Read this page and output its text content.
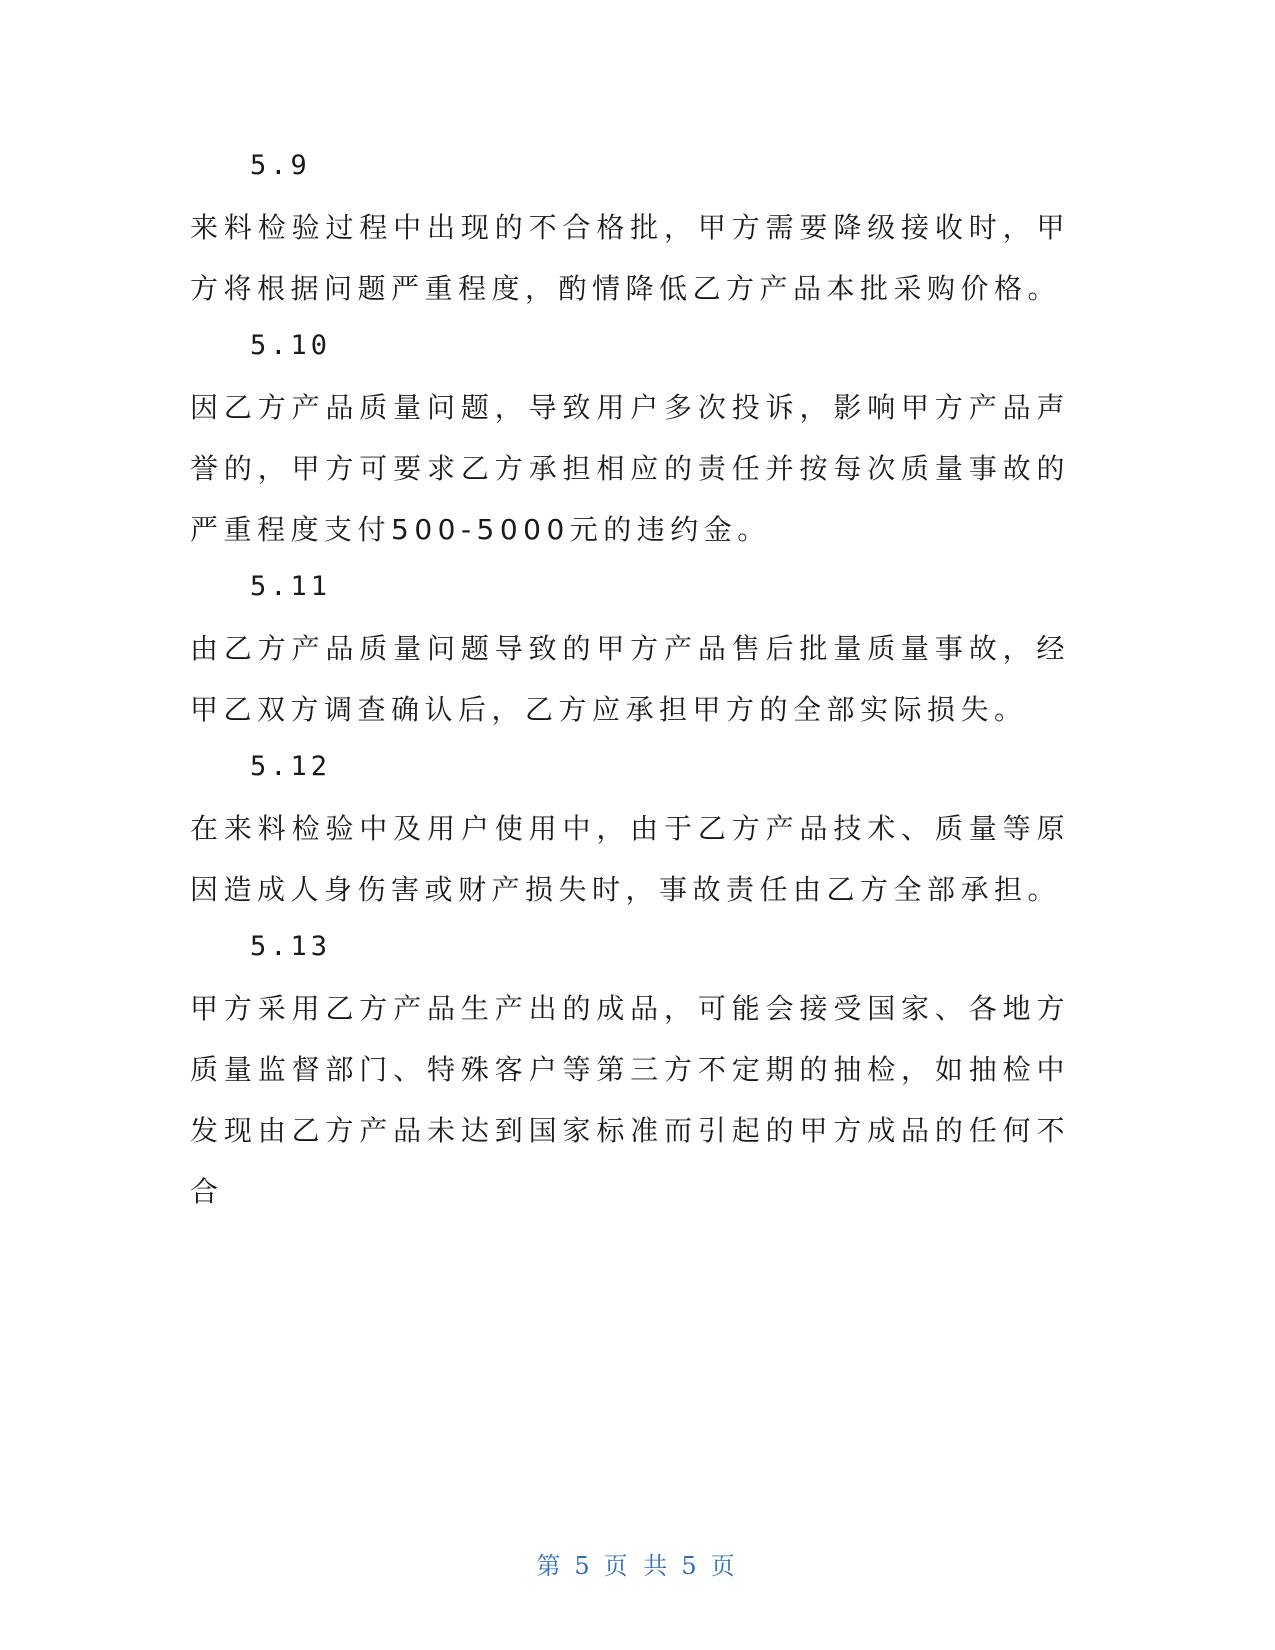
5.9

来料检验过程中出现的不合格批，甲方需要降级接收时，甲方将根据问题严重程度，酌情降低乙方产品本批采购价格。

5.10

因乙方产品质量问题，导致用户多次投诉，影响甲方产品声誉的，甲方可要求乙方承担相应的责任并按每次质量事故的严重程度支付500-5000元的违约金。

5.11

由乙方产品质量问题导致的甲方产品售后批量质量事故，经甲乙双方调查确认后，乙方应承担甲方的全部实际损失。

5.12

在来料检验中及用户使用中，由于乙方产品技术、质量等原因造成人身伤害或财产损失时，事故责任由乙方全部承担。

5.13

甲方采用乙方产品生产出的成品，可能会接受国家、各地方质量监督部门、特殊客户等第三方不定期的抽检，如抽检中发现由乙方产品未达到国家标准而引起的甲方成品的任何不合

第 5 页 共 5 页
